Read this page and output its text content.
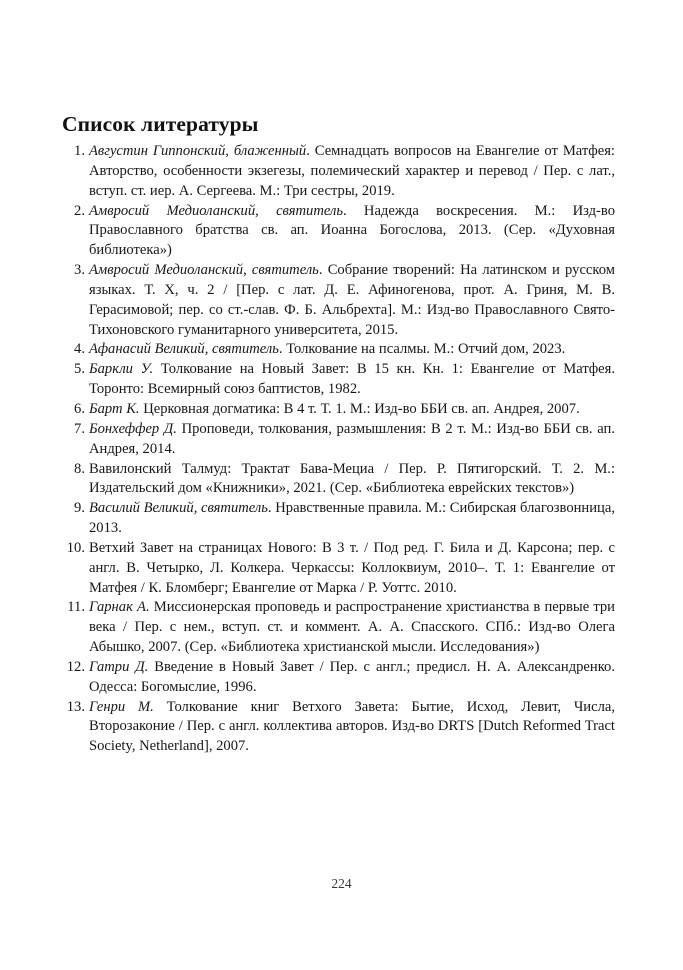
Список литературы
1. Августин Гиппонский, блаженный. Семнадцать вопросов на Евангелие от Матфея: Авторство, особенности экзегезы, полемический характер и перевод / Пер. с лат., вступ. ст. иер. А. Сергеева. М.: Три сестры, 2019.
2. Амвросий Медиоланский, святитель. Надежда воскресения. М.: Изд-во Православного братства св. ап. Иоанна Богослова, 2013. (Сер. «Духовная библиотека»)
3. Амвросий Медиоланский, святитель. Собрание творений: На латинском и русском языках. Т. X, ч. 2 / [Пер. с лат. Д. Е. Афиногенова, прот. А. Гриня, М. В. Герасимовой; пер. со ст.-слав. Ф. Б. Альбрехта]. М.: Изд-во Православного Свято-Тихоновского гуманитарного университета, 2015.
4. Афанасий Великий, святитель. Толкование на псалмы. М.: Отчий дом, 2023.
5. Баркли У. Толкование на Новый Завет: В 15 кн. Кн. 1: Евангелие от Матфея. Торонто: Всемирный союз баптистов, 1982.
6. Барт К. Церковная догматика: В 4 т. Т. 1. М.: Изд-во ББИ св. ап. Андрея, 2007.
7. Бонхеффер Д. Проповеди, толкования, размышления: В 2 т. М.: Изд-во ББИ св. ап. Андрея, 2014.
8. Вавилонский Талмуд: Трактат Бава-Мециа / Пер. Р. Пятигорский. Т. 2. М.: Издательский дом «Книжники», 2021. (Сер. «Библиотека еврейских текстов»)
9. Василий Великий, святитель. Нравственные правила. М.: Сибирская благозвонница, 2013.
10. Ветхий Завет на страницах Нового: В 3 т. / Под ред. Г. Била и Д. Карсона; пер. с англ. В. Четырко, Л. Колкера. Черкассы: Коллоквиум, 2010–. Т. 1: Евангелие от Матфея / К. Бломберг; Евангелие от Марка / Р. Уоттс. 2010.
11. Гарнак А. Миссионерская проповедь и распространение христианства в первые три века / Пер. с нем., вступ. ст. и коммент. А. А. Спасского. СПб.: Изд-во Олега Абышко, 2007. (Сер. «Библиотека христианской мысли. Исследования»)
12. Гатри Д. Введение в Новый Завет / Пер. с англ.; предисл. Н. А. Александренко. Одесса: Богомыслие, 1996.
13. Генри М. Толкование книг Ветхого Завета: Бытие, Исход, Левит, Числа, Второзаконие / Пер. с англ. коллектива авторов. Изд-во DRTS [Dutch Reformed Tract Society, Netherland], 2007.
224
